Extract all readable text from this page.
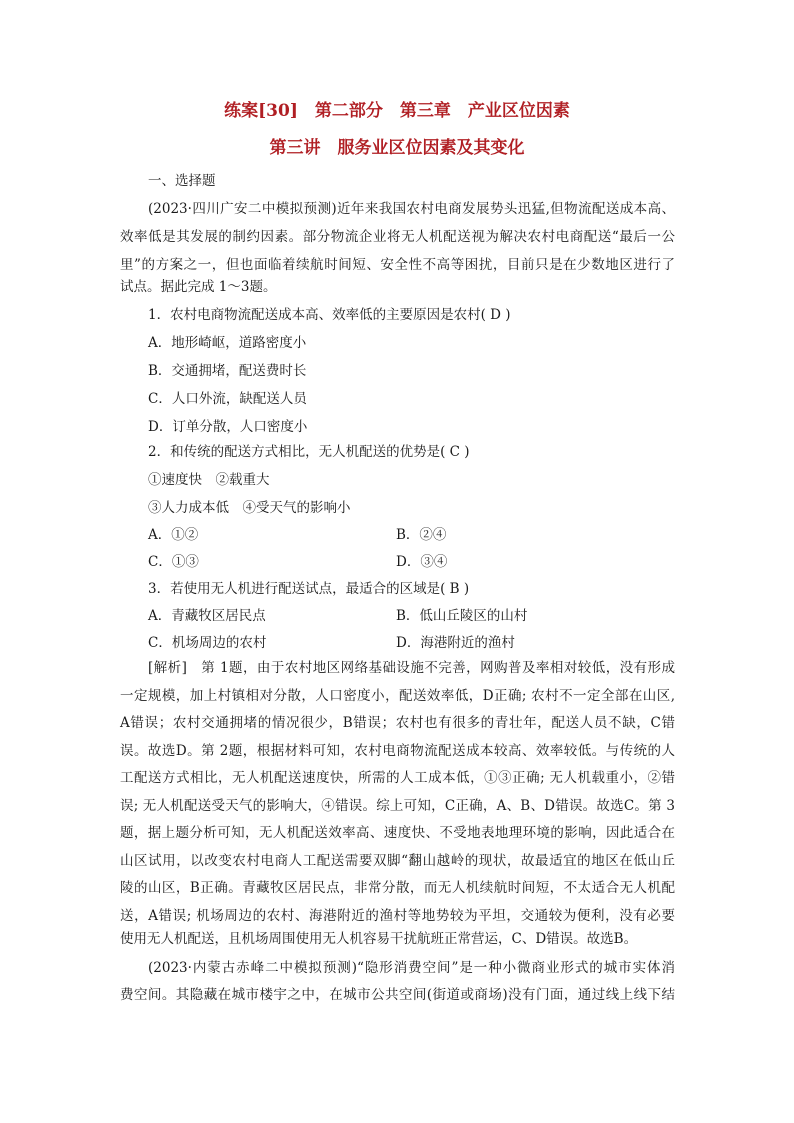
练案[30]　第二部分　第三章　产业区位因素
第三讲　服务业区位因素及其变化
一、选择题
(2023·四川广安二中模拟预测)近年来我国农村电商发展势头迅猛,但物流配送成本高、
效率低是其发展的制约因素。部分物流企业将无人机配送视为解决农村电商配送“最后一公
里”的方案之一，但也面临着续航时间短、安全性不高等困扰，目前只是在少数地区进行了
试点。据此完成 1～3题。
1．农村电商物流配送成本高、效率低的主要原因是农村( D )
A．地形崎岖，道路密度小
B．交通拥堵，配送费时长
C．人口外流，缺配送人员
D．订单分散，人口密度小
2．和传统的配送方式相比，无人机配送的优势是( C )
①速度快　②载重大
③人力成本低　④受天气的影响小
A．①②	B．②④
C．①③	D．③④
3．若使用无人机进行配送试点，最适合的区域是( B )
A．青藏牧区居民点	B．低山丘陵区的山村
C．机场周边的农村	D．海港附近的渔村
[解析]　第 1题，由于农村地区网络基础设施不完善，网购普及率相对较低，没有形成
一定规模，加上村镇相对分散，人口密度小，配送效率低，D正确; 农村不一定全部在山区,
A错误；农村交通拥堵的情况很少，B错误；农村也有很多的青壮年，配送人员不缺，C错
误。故选D。第 2题，根据材料可知，农村电商物流配送成本较高、效率较低。与传统的人
工配送方式相比，无人机配送速度快，所需的人工成本低，①③正确; 无人机载重小，②错
误; 无人机配送受天气的影响大，④错误。综上可知，C正确，A、B、D错误。故选C。第 3
题，据上题分析可知，无人机配送效率高、速度快、不受地表地理环境的影响，因此适合在
山区试用，以改变农村电商人工配送需要双脚“翻山越岭的现状，故最适宜的地区在低山丘
陵的山区，B正确。青藏牧区居民点，非常分散，而无人机续航时间短，不太适合无人机配
送，A错误; 机场周边的农村、海港附近的渔村等地势较为平坦，交通较为便利，没有必要
使用无人机配送，且机场周围使用无人机容易干扰航班正常营运，C、D错误。故选B。
(2023·内蒙古赤峰二中模拟预测)“隐形消费空间”是一种小微商业形式的城市实体消
费空间。其隐藏在城市楼宇之中，在城市公共空间(街道或商场)没有门面，通过线上线下结
